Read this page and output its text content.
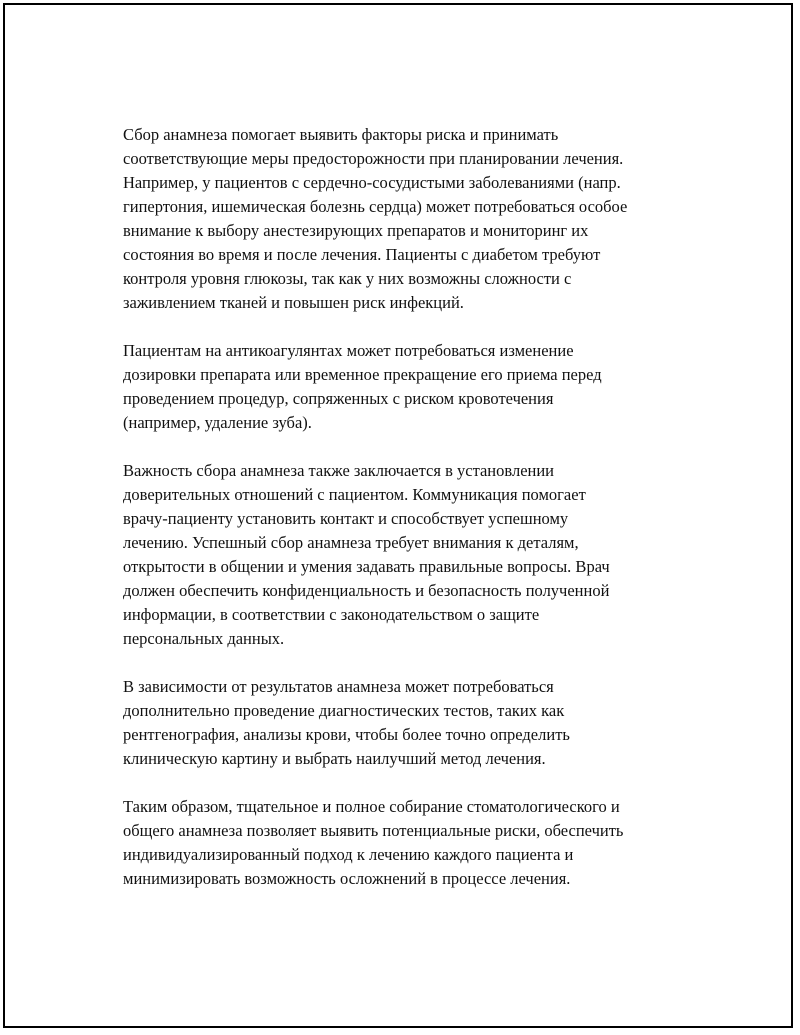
Сбор анамнеза помогает выявить факторы риска и принимать
соответствующие меры предосторожности при планировании лечения.
Например, у пациентов с сердечно-сосудистыми заболеваниями (напр.
гипертония, ишемическая болезнь сердца) может потребоваться особое
внимание к выбору анестезирующих препаратов и мониторинг их
состояния во время и после лечения. Пациенты с диабетом требуют
контроля уровня глюкозы, так как у них возможны сложности с
заживлением тканей и повышен риск инфекций.

Пациентам на антикоагулянтах может потребоваться изменение
дозировки препарата или временное прекращение его приема перед
проведением процедур, сопряженных с риском кровотечения
(например, удаление зуба).

Важность сбора анамнеза также заключается в установлении
доверительных отношений с пациентом. Коммуникация помогает
врачу-пациенту установить контакт и способствует успешному
лечению. Успешный сбор анамнеза требует внимания к деталям,
открытости в общении и умения задавать правильные вопросы. Врач
должен обеспечить конфиденциальность и безопасность полученной
информации, в соответствии с законодательством о защите
персональных данных.

В зависимости от результатов анамнеза может потребоваться
дополнительно проведение диагностических тестов, таких как
рентгенография, анализы крови, чтобы более точно определить
клиническую картину и выбрать наилучший метод лечения.

Таким образом, тщательное и полное собирание стоматологического и
общего анамнеза позволяет выявить потенциальные риски, обеспечить
индивидуализированный подход к лечению каждого пациента и
минимизировать возможность осложнений в процессе лечения.
